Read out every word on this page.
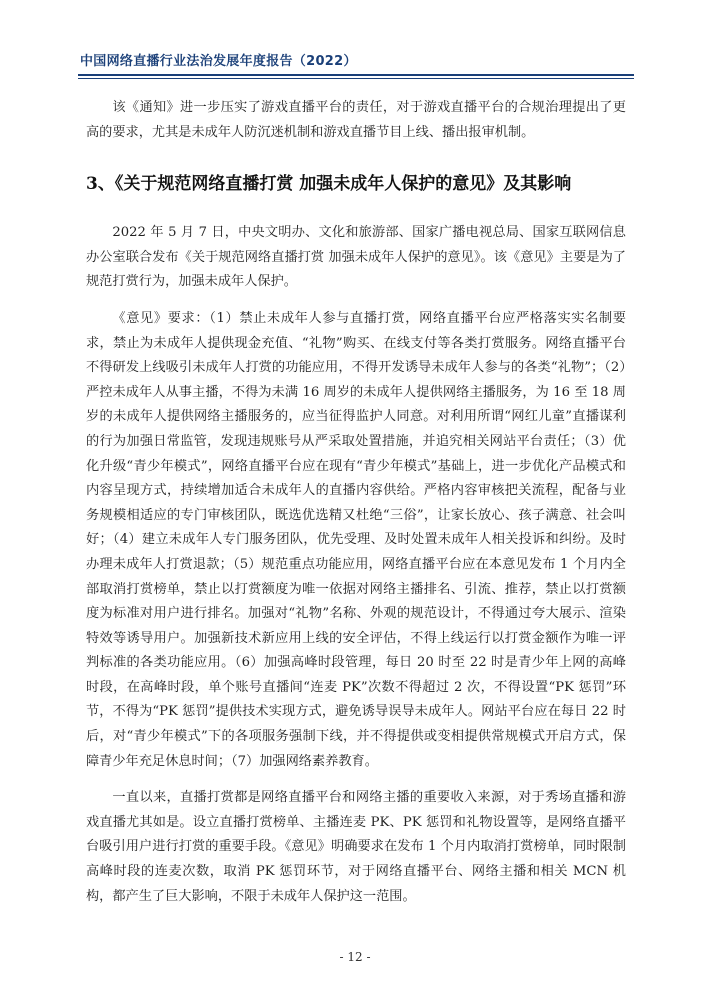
中国网络直播行业法治发展年度报告（2022）

该《通知》进一步压实了游戏直播平台的责任，对于游戏直播平台的合规治理提出了更高的要求，尤其是未成年人防沉迷机制和游戏直播节目上线、播出报审机制。

3、《关于规范网络直播打赏 加强未成年人保护的意见》及其影响

2022 年 5 月 7 日，中央文明办、文化和旅游部、国家广播电视总局、国家互联网信息办公室联合发布《关于规范网络直播打赏 加强未成年人保护的意见》。该《意见》主要是为了规范打赏行为，加强未成年人保护。

《意见》要求：（1）禁止未成年人参与直播打赏，网络直播平台应严格落实实名制要求，禁止为未成年人提供现金充值、“礼物”购买、在线支付等各类打赏服务。网络直播平台不得研发上线吸引未成年人打赏的功能应用，不得开发诱导未成年人参与的各类“礼物”；（2）严控未成年人从事主播，不得为未满 16 周岁的未成年人提供网络主播服务，为 16 至 18 周岁的未成年人提供网络主播服务的，应当征得监护人同意。对利用所谓“网红儿童”直播谋利的行为加强日常监管，发现违规账号从严采取处置措施，并追究相关网站平台责任；（3）优化升级“青少年模式”，网络直播平台应在现有“青少年模式”基础上，进一步优化产品模式和内容呈现方式，持续增加适合未成年人的直播内容供给。严格内容审核把关流程，配备与业务规模相适应的专门审核团队，既选优选精又杜绝“三俗”，让家长放心、孩子满意、社会叫好；（4）建立未成年人专门服务团队，优先受理、及时处置未成年人相关投诉和纠纷。及时办理未成年人打赏退款；（5）规范重点功能应用，网络直播平台应在本意见发布 1 个月内全部取消打赏榜单，禁止以打赏额度为唯一依据对网络主播排名、引流、推荐，禁止以打赏额度为标准对用户进行排名。加强对“礼物”名称、外观的规范设计，不得通过夸大展示、渲染特效等诱导用户。加强新技术新应用上线的安全评估，不得上线运行以打赏金额作为唯一评判标准的各类功能应用。（6）加强高峰时段管理，每日 20 时至 22 时是青少年上网的高峰时段，在高峰时段，单个账号直播间“连麦 PK”次数不得超过 2 次，不得设置“PK 惩罚”环节，不得为“PK 惩罚”提供技术实现方式，避免诱导误导未成年人。网站平台应在每日 22 时后，对“青少年模式”下的各项服务强制下线，并不得提供或变相提供常规模式开启方式，保障青少年充足休息时间；（7）加强网络素养教育。

一直以来，直播打赏都是网络直播平台和网络主播的重要收入来源，对于秀场直播和游戏直播尤其如是。设立直播打赏榜单、主播连麦 PK、PK 惩罚和礼物设置等，是网络直播平台吸引用户进行打赏的重要手段。《意见》明确要求在发布 1 个月内取消打赏榜单，同时限制高峰时段的连麦次数，取消 PK 惩罚环节，对于网络直播平台、网络主播和相关 MCN 机构，都产生了巨大影响，不限于未成年人保护这一范围。

- 12 -
